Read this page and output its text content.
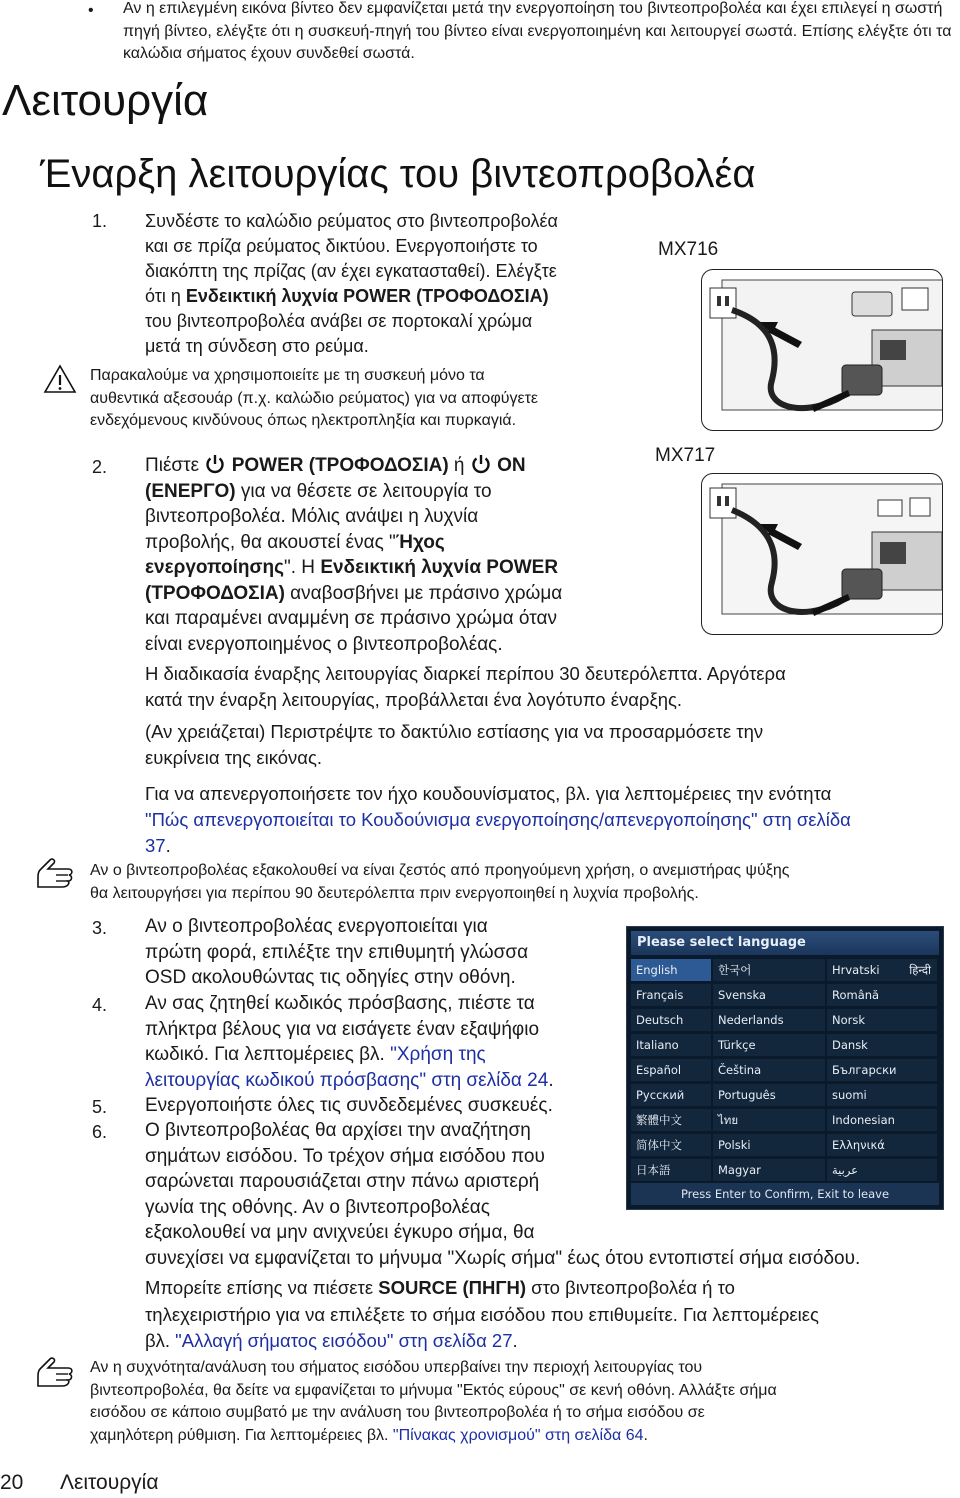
• Αν η επιλεγμένη εικόνα βίντεο δεν εμφανίζεται μετά την ενεργοποίηση του βιντεοπροβολέα και έχει επιλεγεί η σωστή πηγή βίντεο, ελέγξτε ότι η συσκευή-πηγή του βίντεο είναι ενεργοποιημένη και λειτουργεί σωστά. Επίσης ελέγξτε ότι τα καλώδια σήματος έχουν συνδεθεί σωστά.
Λειτουργία
Έναρξη λειτουργίας του βιντεοπροβολέα
1. Συνδέστε το καλώδιο ρεύματος στο βιντεοπροβολέα
και σε πρίζα ρεύματος δικτύου. Ενεργοποιήστε το
διακόπτη της πρίζας (αν έχει εγκατασταθεί). Ελέγξτε
ότι η Ενδεικτική λυχνία POWER (ΤΡΟΦΟΔΟΣΙΑ)
του βιντεοπροβολέα ανάβει σε πορτοκαλί χρώμα
μετά τη σύνδεση στο ρεύμα.
Παρακαλούμε να χρησιμοποιείτε με τη συσκευή μόνο τα
αυθεντικά αξεσουάρ (π.χ. καλώδιο ρεύματος) για να αποφύγετε
ενδεχόμενους κινδύνους όπως ηλεκτροπληξία και πυρκαγιά.
MX716
MX717
2. Πιέστε  POWER (ΤΡΟΦΟΔΟΣΙΑ) ή  ON
(ΕΝΕΡΓΟ) για να θέσετε σε λειτουργία το
βιντεοπροβολέα. Μόλις ανάψει η λυχνία
προβολής, θα ακουστεί ένας "Ήχος
ενεργοποίησης". Η Ενδεικτική λυχνία POWER
(ΤΡΟΦΟΔΟΣΙΑ) αναβοσβήνει με πράσινο χρώμα
και παραμένει αναμμένη σε πράσινο χρώμα όταν
είναι ενεργοποιημένος ο βιντεοπροβολέας.
Η διαδικασία έναρξης λειτουργίας διαρκεί περίπου 30 δευτερόλεπτα. Αργότερα
κατά την έναρξη λειτουργίας, προβάλλεται ένα λογότυπο έναρξης.
(Αν χρειάζεται) Περιστρέψτε το δακτύλιο εστίασης για να προσαρμόσετε την
ευκρίνεια της εικόνας.
Για να απενεργοποιήσετε τον ήχο κουδουνίσματος, βλ. για λεπτομέρειες την ενότητα
"Πώς απενεργοποιείται το Κουδούνισμα ενεργοποίησης/απενεργοποίησης" στη σελίδα
37.
Αν ο βιντεοπροβολέας εξακολουθεί να είναι ζεστός από προηγούμενη χρήση, ο ανεμιστήρας ψύξης
θα λειτουργήσει για περίπου 90 δευτερόλεπτα πριν ενεργοποιηθεί η λυχνία προβολής.
3. Αν ο βιντεοπροβολέας ενεργοποιείται για
πρώτη φορά, επιλέξτε την επιθυμητή γλώσσα
OSD ακολουθώντας τις οδηγίες στην οθόνη.
4. Αν σας ζητηθεί κωδικός πρόσβασης, πιέστε τα
πλήκτρα βέλους για να εισάγετε έναν εξαψήφιο
κωδικό. Για λεπτομέρειες βλ. "Χρήση της
λειτουργίας κωδικού πρόσβασης" στη σελίδα 24.
5. Ενεργοποιήστε όλες τις συνδεδεμένες συσκευές.
6. Ο βιντεοπροβολέας θα αρχίσει την αναζήτηση
σημάτων εισόδου. Το τρέχον σήμα εισόδου που
σαρώνεται παρουσιάζεται στην πάνω αριστερή
γωνία της οθόνης. Αν ο βιντεοπροβολέας
εξακολουθεί να μην ανιχνεύει έγκυρο σήμα, θα
συνεχίσει να εμφανίζεται το μήνυμα "Χωρίς σήμα" έως ότου εντοπιστεί σήμα εισόδου.
Please select language
English	한국어	Hrvatski	हिन्दी
Français	Svenska	Română
Deutsch	Nederlands	Norsk
Italiano	Türkçe	Dansk
Español	Čeština	Български
Русский	Português	suomi
繁體中文	ไทย	Indonesian
简体中文	Polski	Ελληνικά
日本語	Magyar	عربية
Press Enter to Confirm, Exit to leave
Μπορείτε επίσης να πιέσετε SOURCE (ΠΗΓΗ) στο βιντεοπροβολέα ή το
τηλεχειριστήριο για να επιλέξετε το σήμα εισόδου που επιθυμείτε. Για λεπτομέρειες
βλ. "Αλλαγή σήματος εισόδου" στη σελίδα 27.
Αν η συχνότητα/ανάλυση του σήματος εισόδου υπερβαίνει την περιοχή λειτουργίας του
βιντεοπροβολέα, θα δείτε να εμφανίζεται το μήνυμα "Εκτός εύρους" σε κενή οθόνη. Αλλάξτε σήμα
εισόδου σε κάποιο συμβατό με την ανάλυση του βιντεοπροβολέα ή το σήμα εισόδου σε
χαμηλότερη ρύθμιση. Για λεπτομέρειες βλ. "Πίνακας χρονισμού" στη σελίδα 64.
20 Λειτουργία
